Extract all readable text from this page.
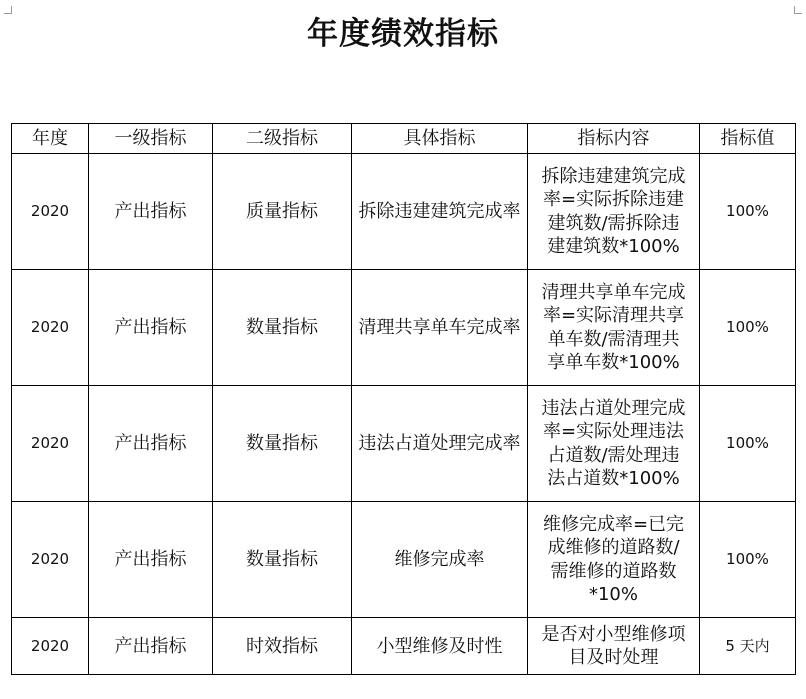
年度绩效指标
年度	一级指标	二级指标	具体指标	指标内容	指标值
2020	产出指标	质量指标	拆除违建建筑完成率	拆除违建建筑完成
率=实际拆除违建
建筑数/需拆除违
建建筑数*100%	100%
2020	产出指标	数量指标	清理共享单车完成率	清理共享单车完成
率=实际清理共享
单车数/需清理共
享单车数*100%	100%
2020	产出指标	数量指标	违法占道处理完成率	违法占道处理完成
率=实际处理违法
占道数/需处理违
法占道数*100%	100%
2020	产出指标	数量指标	维修完成率	维修完成率=已完
成维修的道路数/
需维修的道路数
*10%	100%
2020	产出指标	时效指标	小型维修及时性	是否对小型维修项
目及时处理	5 天内
